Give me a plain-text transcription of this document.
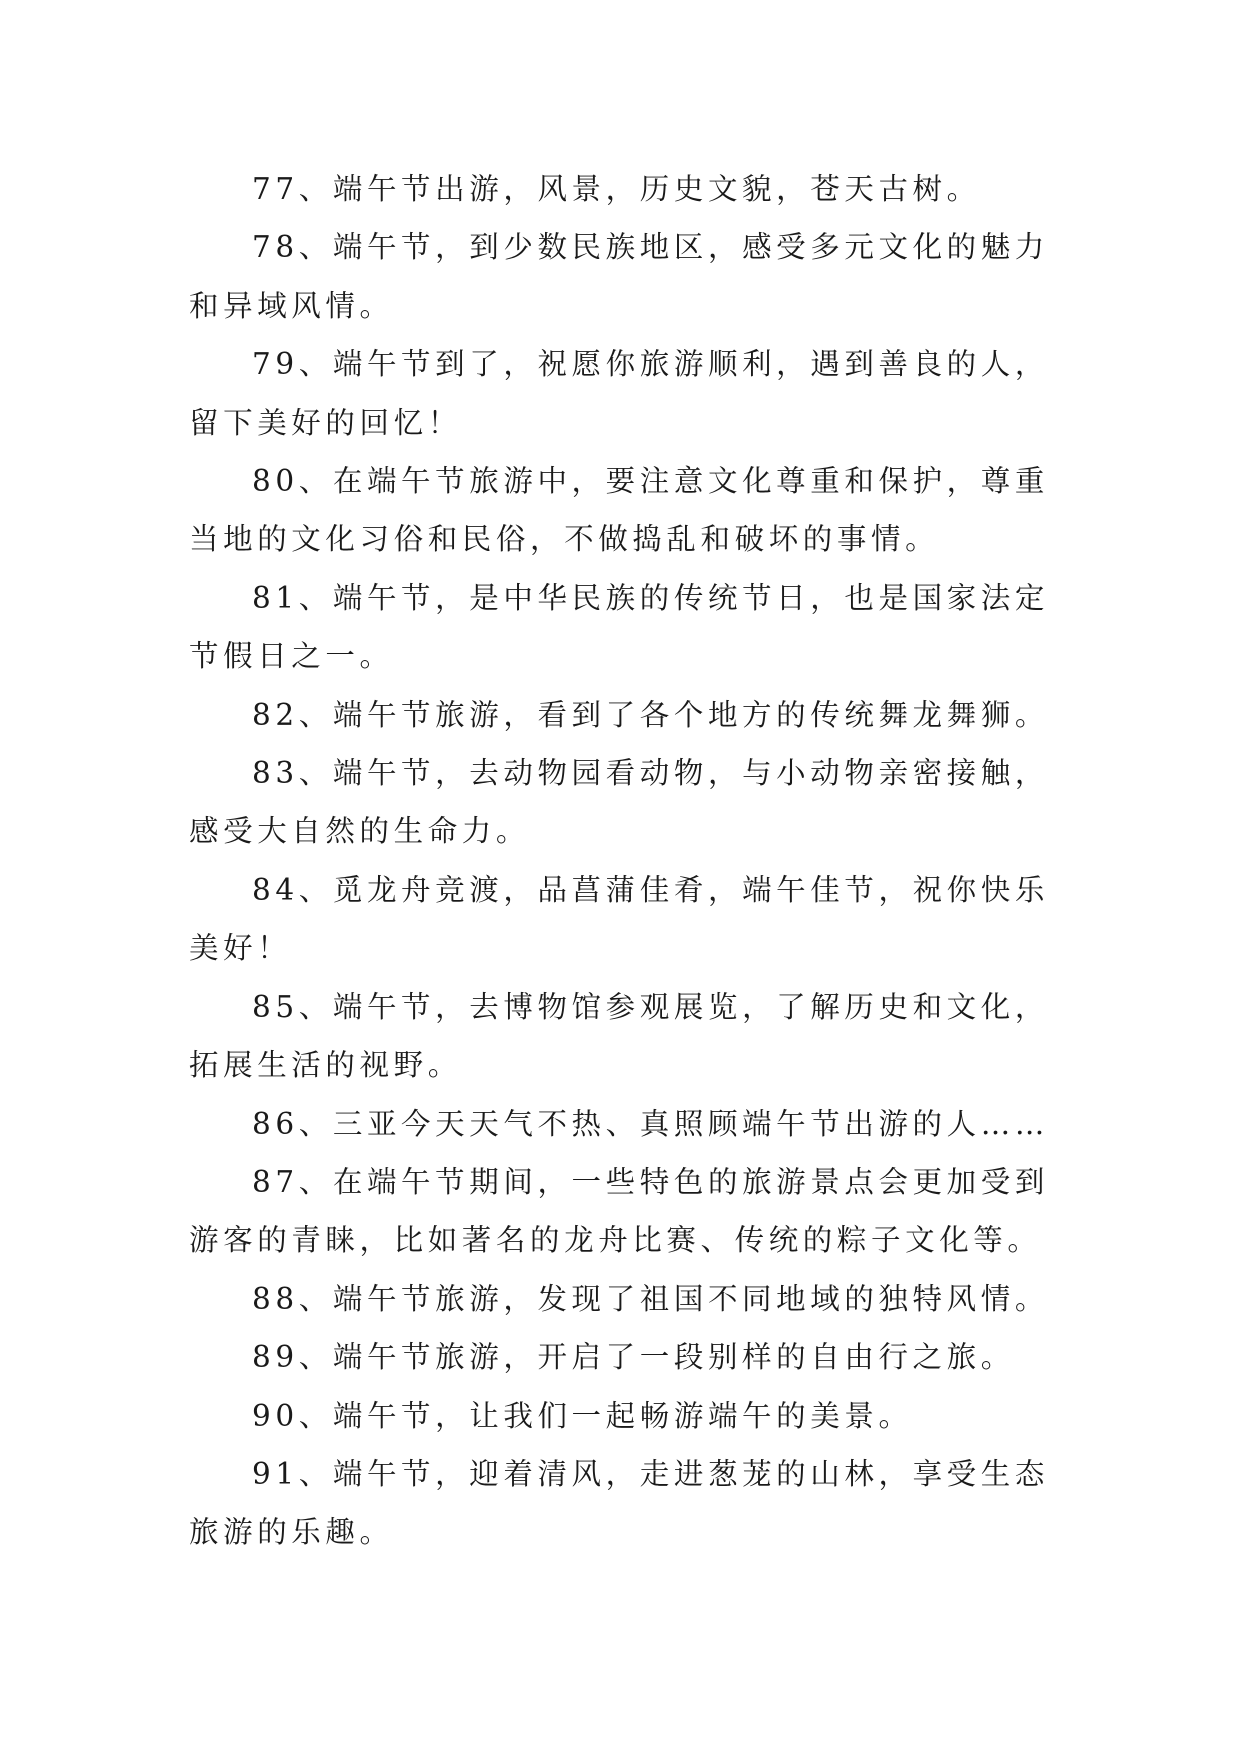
77、端午节出游，风景，历史文貌，苍天古树。

78、端午节，到少数民族地区，感受多元文化的魅力和异域风情。

79、端午节到了，祝愿你旅游顺利，遇到善良的人，留下美好的回忆！

80、在端午节旅游中，要注意文化尊重和保护，尊重当地的文化习俗和民俗，不做捣乱和破坏的事情。

81、端午节，是中华民族的传统节日，也是国家法定节假日之一。

82、端午节旅游，看到了各个地方的传统舞龙舞狮。

83、端午节，去动物园看动物，与小动物亲密接触，感受大自然的生命力。

84、觅龙舟竞渡，品菖蒲佳肴，端午佳节，祝你快乐美好！

85、端午节，去博物馆参观展览，了解历史和文化，拓展生活的视野。

86、三亚今天天气不热、真照顾端午节出游的人……

87、在端午节期间，一些特色的旅游景点会更加受到游客的青睐，比如著名的龙舟比赛、传统的粽子文化等。

88、端午节旅游，发现了祖国不同地域的独特风情。

89、端午节旅游，开启了一段别样的自由行之旅。

90、端午节，让我们一起畅游端午的美景。

91、端午节，迎着清风，走进葱茏的山林，享受生态旅游的乐趣。
